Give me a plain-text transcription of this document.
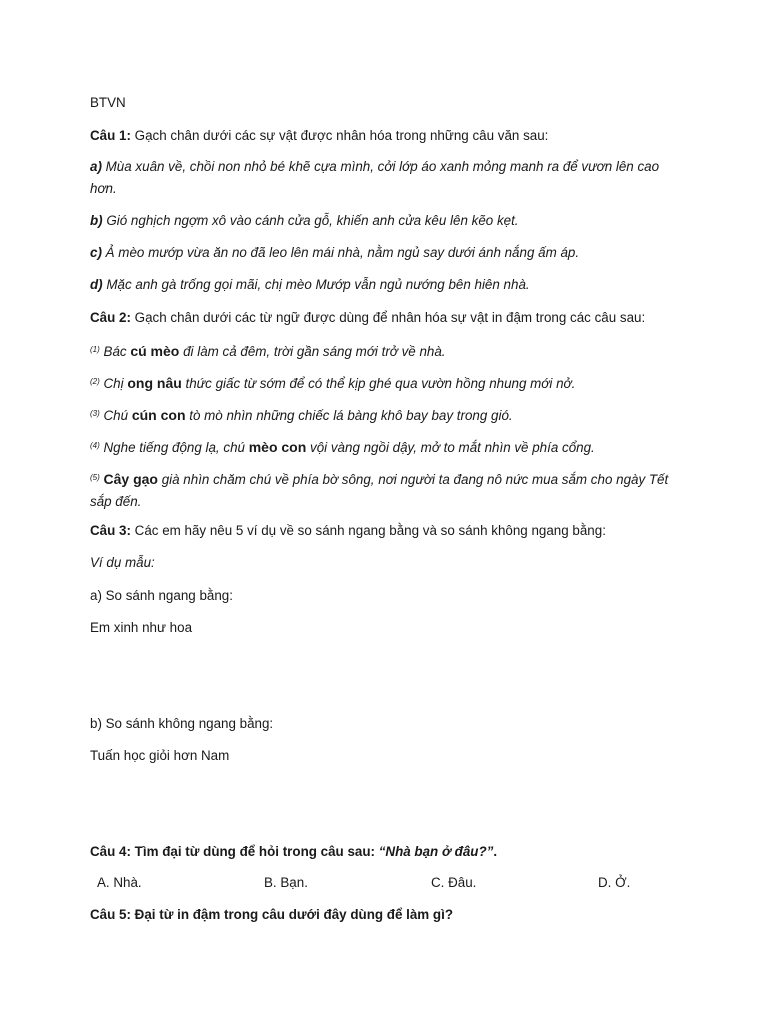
BTVN
Câu 1: Gạch chân dưới các sự vật được nhân hóa trong những câu văn sau:
a) Mùa xuân về, chồi non nhỏ bé khẽ cựa mình, cởi lớp áo xanh mỏng manh ra để vươn lên cao hơn.
b) Gió nghịch ngợm xô vào cánh cửa gỗ, khiến anh cửa kêu lên kẽo kẹt.
c) Ả mèo mướp vừa ăn no đã leo lên mái nhà, nằm ngủ say dưới ánh nắng ấm áp.
d) Mặc anh gà trống gọi mãi, chị mèo Mướp vẫn ngủ nướng bên hiên nhà.
Câu 2: Gạch chân dưới các từ ngữ được dùng để nhân hóa sự vật in đậm trong các câu sau:
$^{(1)}$ Bác cú mèo đi làm cả đêm, trời gần sáng mới trở về nhà.
$^{(2)}$ Chị ong nâu thức giấc từ sớm để có thể kịp ghé qua vườn hồng nhung mới nở.
$^{(3)}$ Chú cún con tò mò nhìn những chiếc lá bàng khô bay bay trong gió.
$^{(4)}$ Nghe tiếng động lạ, chú mèo con vội vàng ngồi dậy, mở to mắt nhìn về phía cổng.
$^{(5)}$ Cây gạo già nhìn chăm chú về phía bờ sông, nơi người ta đang nô nức mua sắm cho ngày Tết sắp đến.
Câu 3: Các em hãy nêu 5 ví dụ về so sánh ngang bằng và so sánh không ngang bằng:
Ví dụ mẫu:
a) So sánh ngang bằng:
Em xinh như hoa
b) So sánh không ngang bằng:
Tuấn học giỏi hơn Nam
Câu 4: Tìm đại từ dùng để hỏi trong câu sau: “Nhà bạn ở đâu?”.
A. Nhà.	B. Bạn.	C. Đâu.	D. Ở.
Câu 5: Đại từ in đậm trong câu dưới đây dùng để làm gì?
